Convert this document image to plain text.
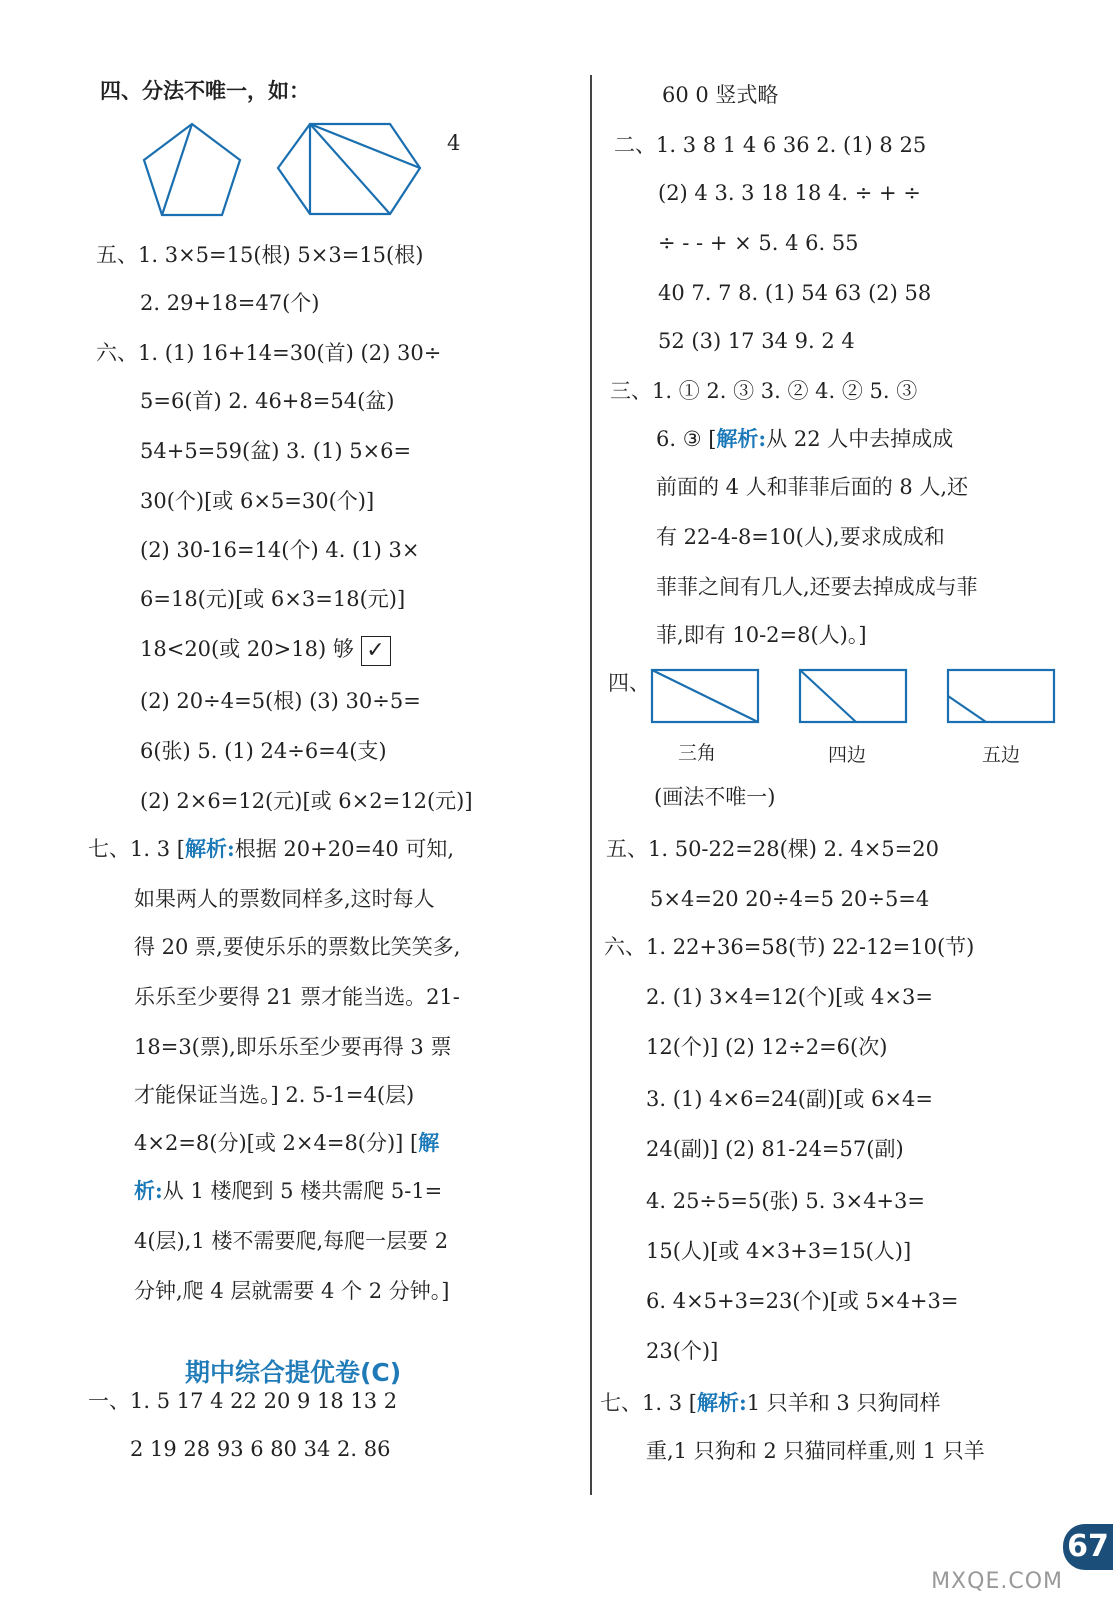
四、分法不唯一，如：
4
五、1. 3×5=15(根) 5×3=15(根)
2. 29+18=47(个)
六、1. (1) 16+14=30(首) (2) 30÷
5=6(首) 2. 46+8=54(盆)
54+5=59(盆) 3. (1) 5×6=
30(个)[或 6×5=30(个)]
(2) 30-16=14(个) 4. (1) 3×
6=18(元)[或 6×3=18(元)]
18<20(或 20>18) 够 ✓
(2) 20÷4=5(根) (3) 30÷5=
6(张) 5. (1) 24÷6=4(支)
(2) 2×6=12(元)[或 6×2=12(元)]
七、1. 3 [解析:根据 20+20=40 可知,
如果两人的票数同样多,这时每人
得 20 票,要使乐乐的票数比笑笑多,
乐乐至少要得 21 票才能当选。21-
18=3(票),即乐乐至少要再得 3 票
才能保证当选。] 2. 5-1=4(层)
4×2=8(分)[或 2×4=8(分)] [解
析:从 1 楼爬到 5 楼共需爬 5-1=
4(层),1 楼不需要爬,每爬一层要 2
分钟,爬 4 层就需要 4 个 2 分钟。]
期中综合提优卷(C)
一、1. 5 17 4 22 20 9 18 13 2
2 19 28 93 6 80 34 2. 86
60 0 竖式略
二、1. 3 8 1 4 6 36 2. (1) 8 25
(2) 4 3. 3 18 18 4. ÷ + ÷
÷ - - + × 5. 4 6. 55
40 7. 7 8. (1) 54 63 (2) 58
52 (3) 17 34 9. 2 4
三、1. ① 2. ③ 3. ② 4. ② 5. ③
6. ③ [解析:从 22 人中去掉成成
前面的 4 人和菲菲后面的 8 人,还
有 22-4-8=10(人),要求成成和
菲菲之间有几人,还要去掉成成与菲
菲,即有 10-2=8(人)。]
四、
三角	四边	五边
(画法不唯一)
五、1. 50-22=28(棵) 2. 4×5=20
5×4=20 20÷4=5 20÷5=4
六、1. 22+36=58(节) 22-12=10(节)
2. (1) 3×4=12(个)[或 4×3=
12(个)] (2) 12÷2=6(次)
3. (1) 4×6=24(副)[或 6×4=
24(副)] (2) 81-24=57(副)
4. 25÷5=5(张) 5. 3×4+3=
15(人)[或 4×3+3=15(人)]
6. 4×5+3=23(个)[或 5×4+3=
23(个)]
七、1. 3 [解析:1 只羊和 3 只狗同样
重,1 只狗和 2 只猫同样重,则 1 只羊
67
MXQE.COM
